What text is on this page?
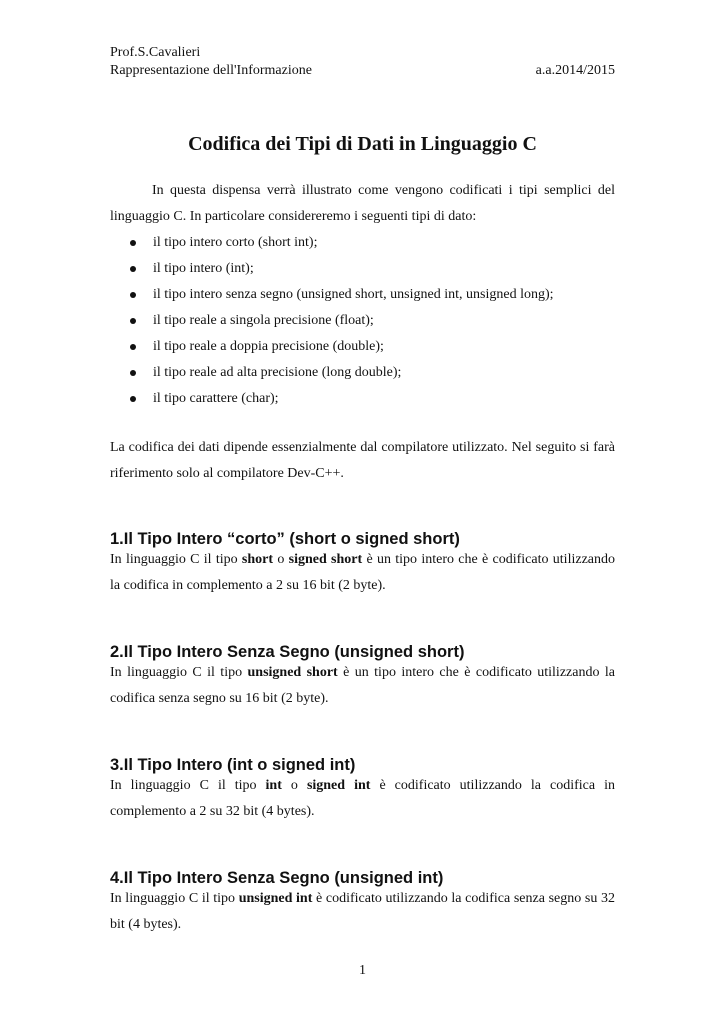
Prof.S.Cavalieri
Rappresentazione dell'Informazione	a.a.2014/2015
Codifica dei Tipi di Dati in Linguaggio C
In questa dispensa verrà illustrato come vengono codificati i tipi semplici del linguaggio C. In particolare considereremo i seguenti tipi di dato:
il tipo intero corto (short int);
il tipo intero (int);
il tipo intero senza segno (unsigned short, unsigned int, unsigned long);
il tipo reale a singola precisione (float);
il tipo reale a doppia precisione (double);
il tipo reale ad alta precisione (long double);
il tipo carattere (char);
La codifica dei dati dipende essenzialmente dal compilatore utilizzato. Nel seguito si farà riferimento solo al compilatore Dev-C++.
1.Il Tipo Intero “corto” (short o signed short)
In linguaggio C il tipo short o signed short è un tipo intero che è codificato utilizzando la codifica in complemento a 2 su 16 bit (2 byte).
2.Il Tipo Intero Senza Segno (unsigned short)
In linguaggio C il tipo unsigned short è un tipo intero che è codificato utilizzando la codifica senza segno su 16 bit (2 byte).
3.Il Tipo Intero (int o signed int)
In linguaggio C il tipo int o signed int è codificato utilizzando la codifica in complemento a 2 su 32 bit (4 bytes).
4.Il Tipo Intero Senza Segno (unsigned int)
In linguaggio C il tipo unsigned int è codificato utilizzando la codifica senza segno su 32 bit (4 bytes).
1
